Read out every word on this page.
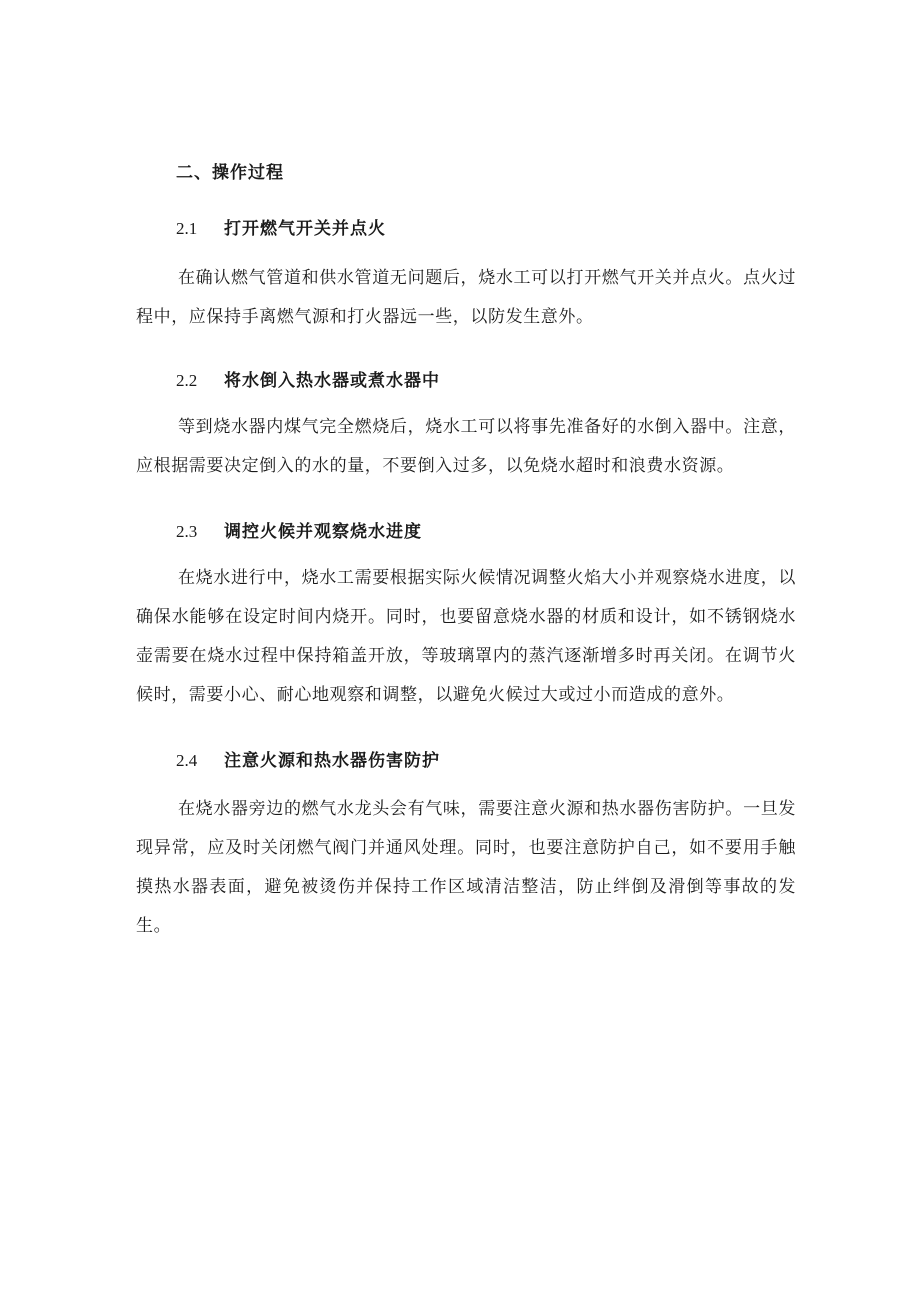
二、操作过程
2.1 打开燃气开关并点火

在确认燃气管道和供水管道无问题后，烧水工可以打开燃气开关并点火。点火过程中，应保持手离燃气源和打火器远一些，以防发生意外。

2.2 将水倒入热水器或煮水器中

等到烧水器内煤气完全燃烧后，烧水工可以将事先准备好的水倒入器中。注意，应根据需要决定倒入的水的量，不要倒入过多，以免烧水超时和浪费水资源。

2.3 调控火候并观察烧水进度

在烧水进行中，烧水工需要根据实际火候情况调整火焰大小并观察烧水进度，以确保水能够在设定时间内烧开。同时，也要留意烧水器的材质和设计，如不锈钢烧水壶需要在烧水过程中保持箱盖开放，等玻璃罩内的蒸汽逐渐增多时再关闭。在调节火候时，需要小心、耐心地观察和调整，以避免火候过大或过小而造成的意外。

2.4 注意火源和热水器伤害防护

在烧水器旁边的燃气水龙头会有气味，需要注意火源和热水器伤害防护。一旦发现异常，应及时关闭燃气阀门并通风处理。同时，也要注意防护自己，如不要用手触摸热水器表面，避免被烫伤并保持工作区域清洁整洁，防止绊倒及滑倒等事故的发生。
